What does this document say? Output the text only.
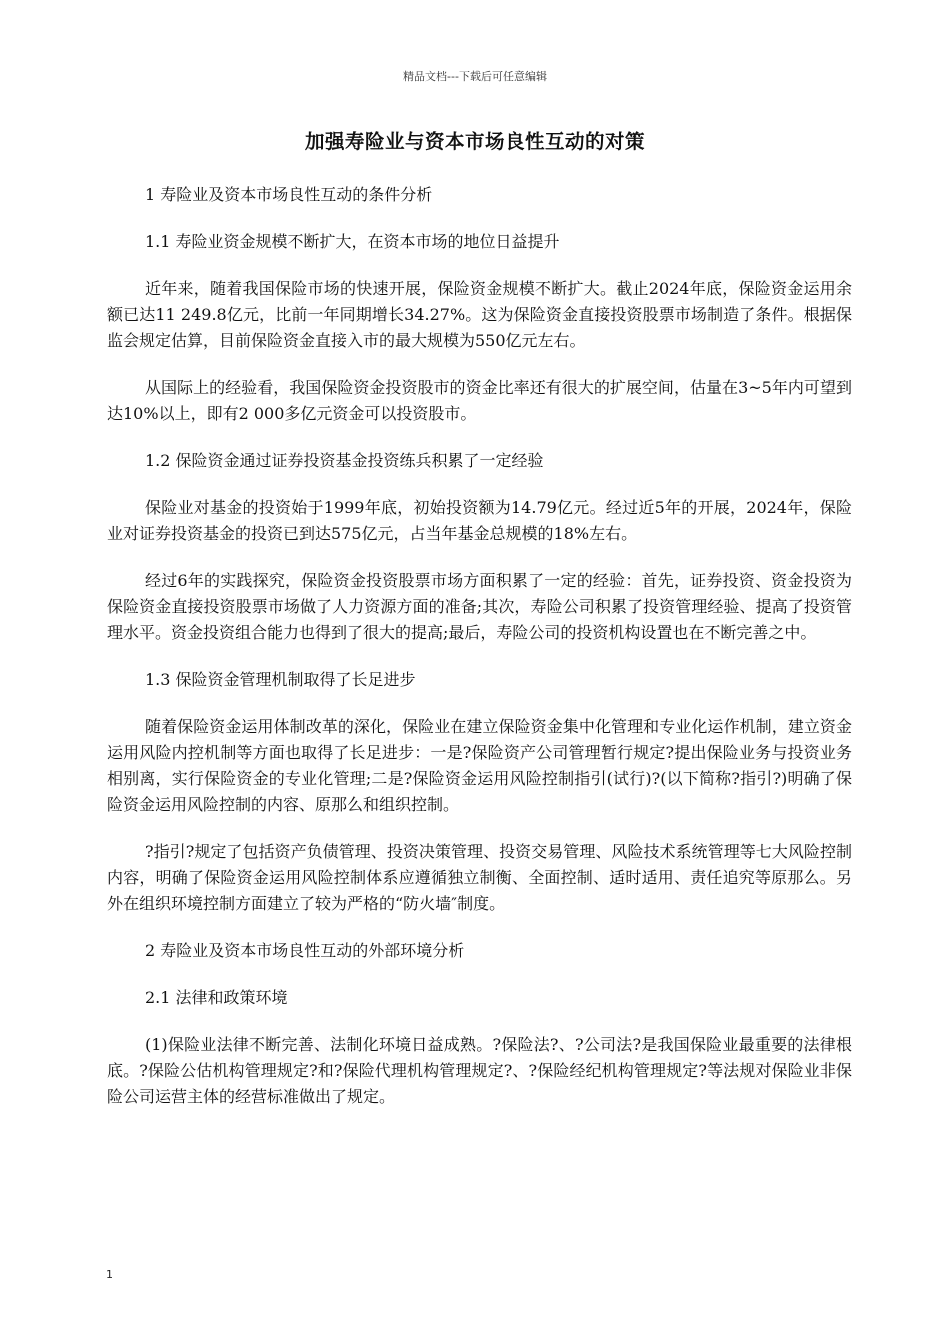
精品文档---下载后可任意编辑
加强寿险业与资本市场良性互动的对策

1 寿险业及资本市场良性互动的条件分析

1.1 寿险业资金规模不断扩大，在资本市场的地位日益提升

近年来，随着我国保险市场的快速开展，保险资金规模不断扩大。截止2024年底，保险资金运用余额已达11 249.8亿元，比前一年同期增长34.27%。这为保险资金直接投资股票市场制造了条件。根据保监会规定估算，目前保险资金直接入市的最大规模为550亿元左右。

从国际上的经验看，我国保险资金投资股市的资金比率还有很大的扩展空间，估量在3~5年内可望到达10%以上，即有2 000多亿元资金可以投资股市。

1.2 保险资金通过证券投资基金投资练兵积累了一定经验

保险业对基金的投资始于1999年底，初始投资额为14.79亿元。经过近5年的开展，2024年，保险业对证券投资基金的投资已到达575亿元，占当年基金总规模的18%左右。

经过6年的实践探究，保险资金投资股票市场方面积累了一定的经验：首先，证券投资、资金投资为保险资金直接投资股票市场做了人力资源方面的准备;其次，寿险公司积累了投资管理经验、提高了投资管理水平。资金投资组合能力也得到了很大的提高;最后，寿险公司的投资机构设置也在不断完善之中。

1.3 保险资金管理机制取得了长足进步

随着保险资金运用体制改革的深化，保险业在建立保险资金集中化管理和专业化运作机制，建立资金运用风险内控机制等方面也取得了长足进步：一是?保险资产公司管理暂行规定?提出保险业务与投资业务相别离，实行保险资金的专业化管理;二是?保险资金运用风险控制指引(试行)?(以下简称?指引?)明确了保险资金运用风险控制的内容、原那么和组织控制。

?指引?规定了包括资产负债管理、投资决策管理、投资交易管理、风险技术系统管理等七大风险控制内容，明确了保险资金运用风险控制体系应遵循独立制衡、全面控制、适时适用、责任追究等原那么。另外在组织环境控制方面建立了较为严格的“防火墙″制度。

2 寿险业及资本市场良性互动的外部环境分析

2.1 法律和政策环境

(1)保险业法律不断完善、法制化环境日益成熟。?保险法?、?公司法?是我国保险业最重要的法律根底。?保险公估机构管理规定?和?保险代理机构管理规定?、?保险经纪机构管理规定?等法规对保险业非保险公司运营主体的经营标准做出了规定。

1
